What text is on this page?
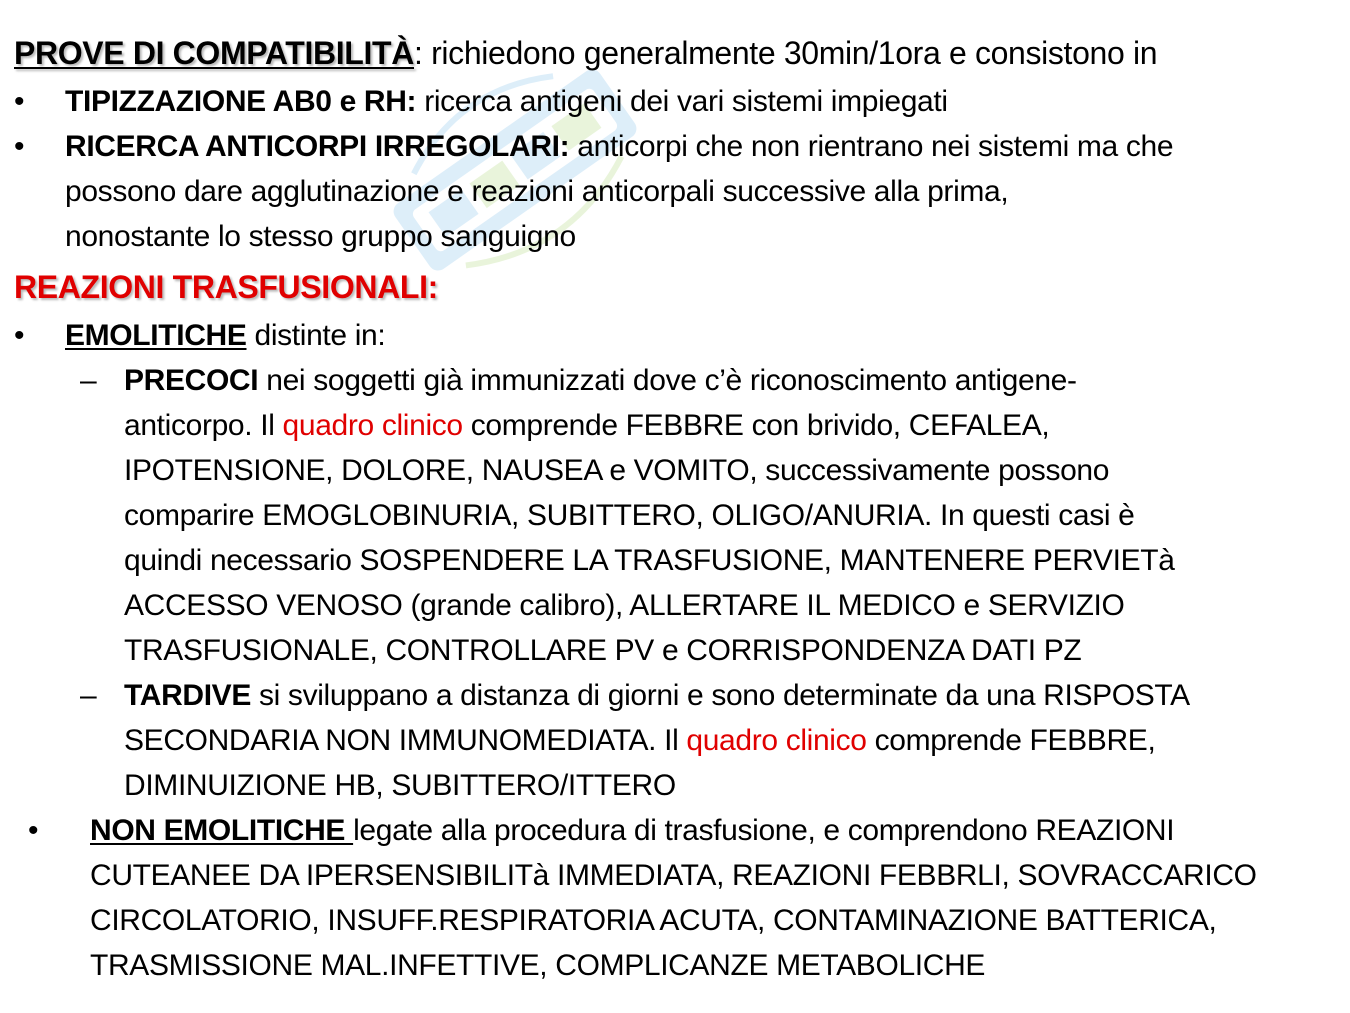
PROVE DI COMPATIBILITÀ: richiedono generalmente 30min/1ora e consistono in
• TIPIZZAZIONE AB0 e RH: ricerca antigeni dei vari sistemi impiegati
• RICERCA ANTICORPI IRREGOLARI: anticorpi che non rientrano nei sistemi ma che
possono dare agglutinazione e reazioni anticorpali successive alla prima,
nonostante lo stesso gruppo sanguigno
REAZIONI TRASFUSIONALI:
• EMOLITICHE distinte in:
– PRECOCI nei soggetti già immunizzati dove c’è riconoscimento antigene-
anticorpo. Il quadro clinico comprende FEBBRE con brivido, CEFALEA,
IPOTENSIONE, DOLORE, NAUSEA e VOMITO, successivamente possono
comparire EMOGLOBINURIA, SUBITTERO, OLIGO/ANURIA. In questi casi è
quindi necessario SOSPENDERE LA TRASFUSIONE, MANTENERE PERVIETà
ACCESSO VENOSO (grande calibro), ALLERTARE IL MEDICO e SERVIZIO
TRASFUSIONALE, CONTROLLARE PV e CORRISPONDENZA DATI PZ
– TARDIVE si sviluppano a distanza di giorni e sono determinate da una RISPOSTA
SECONDARIA NON IMMUNOMEDIATA. Il quadro clinico comprende FEBBRE,
DIMINUIZIONE HB, SUBITTERO/ITTERO
• NON EMOLITICHE legate alla procedura di trasfusione, e comprendono REAZIONI
CUTEANEE DA IPERSENSIBILITà IMMEDIATA, REAZIONI FEBBRLI, SOVRACCARICO
CIRCOLATORIO, INSUFF.RESPIRATORIA ACUTA, CONTAMINAZIONE BATTERICA,
TRASMISSIONE MAL.INFETTIVE, COMPLICANZE METABOLICHE
